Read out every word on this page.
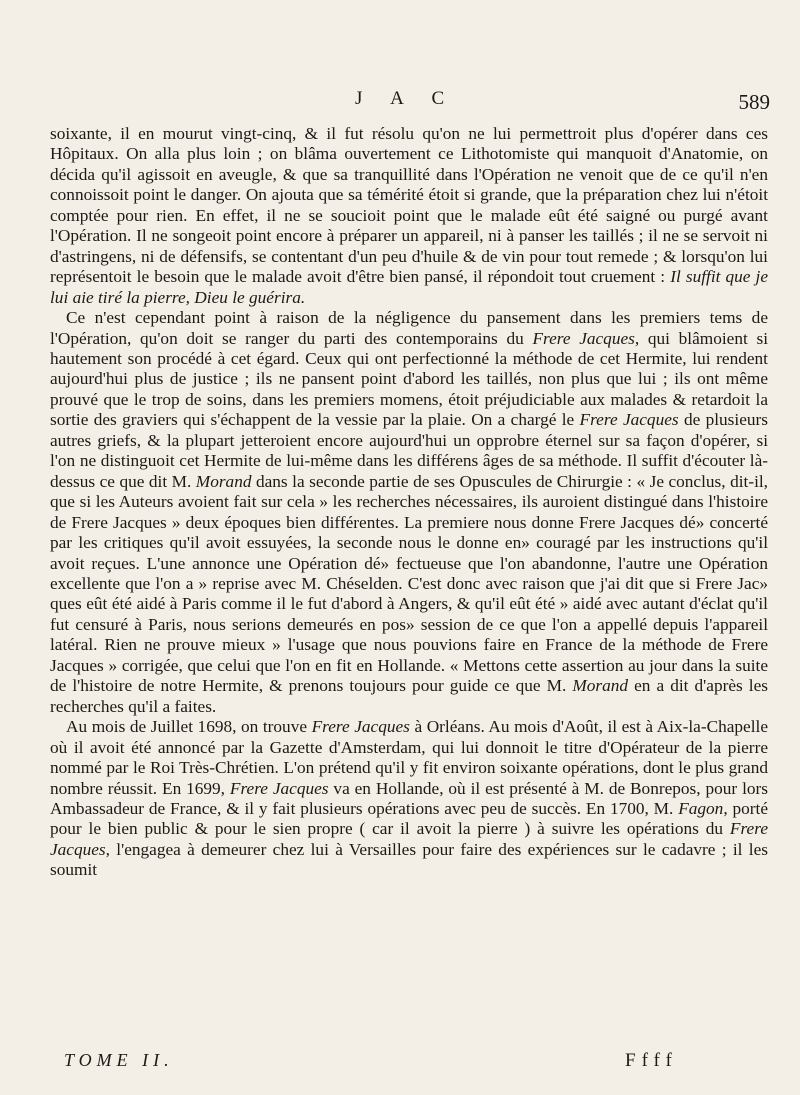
J A C	589

soixante, il en mourut vingt-cinq, & il fut résolu qu'on ne lui permettroit plus d'opérer dans ces Hôpitaux. On alla plus loin ; on blâma ouvertement ce Lithotomiste qui manquoit d'Anatomie, on décida qu'il agissoit en aveugle, & que sa tranquillité dans l'Opération ne venoit que de ce qu'il n'en connoissoit point le danger. On ajouta que sa témérité étoit si grande, que la préparation chez lui n'étoit comptée pour rien. En effet, il ne se soucioit point que le malade eût été saigné ou purgé avant l'Opération. Il ne songeoit point encore à préparer un appareil, ni à panser les taillés ; il ne se servoit ni d'astringens, ni de défensifs, se contentant d'un peu d'huile & de vin pour tout remede ; & lorsqu'on lui représentoit le besoin que le malade avoit d'être bien pansé, il répondoit tout cruement : Il suffit que je lui aie tiré la pierre, Dieu le guérira.

Ce n'est cependant point à raison de la négligence du pansement dans les premiers tems de l'Opération, qu'on doit se ranger du parti des contemporains du Frere Jacques, qui blâmoient si hautement son procédé à cet égard. Ceux qui ont perfectionné la méthode de cet Hermite, lui rendent aujourd'hui plus de justice ; ils ne pansent point d'abord les taillés, non plus que lui ; ils ont même prouvé que le trop de soins, dans les premiers momens, étoit préjudiciable aux malades & retardoit la sortie des graviers qui s'échappent de la vessie par la plaie. On a chargé le Frere Jacques de plusieurs autres griefs, & la plupart jetteroient encore aujourd'hui un opprobre éternel sur sa façon d'opérer, si l'on ne distinguoit cet Hermite de lui-même dans les différens âges de sa méthode. Il suffit d'écouter là-dessus ce que dit M. Morand dans la seconde partie de ses Opuscules de Chirurgie : « Je conclus, dit-il, que si les Auteurs avoient fait sur cela » les recherches nécessaires, ils auroient distingué dans l'histoire de Frere Jacques » deux époques bien différentes. La premiere nous donne Frere Jacques dé» concerté par les critiques qu'il avoit essuyées, la seconde nous le donne en» couragé par les instructions qu'il avoit reçues. L'une annonce une Opération dé» fectueuse que l'on abandonne, l'autre une Opération excellente que l'on a » reprise avec M. Chéselden. C'est donc avec raison que j'ai dit que si Frere Jac» ques eût été aidé à Paris comme il le fut d'abord à Angers, & qu'il eût été » aidé avec autant d'éclat qu'il fut censuré à Paris, nous serions demeurés en pos» session de ce que l'on a appellé depuis l'appareil latéral. Rien ne prouve mieux » l'usage que nous pouvions faire en France de la méthode de Frere Jacques » corrigée, que celui que l'on en fit en Hollande. « Mettons cette assertion au jour dans la suite de l'histoire de notre Hermite, & prenons toujours pour guide ce que M. Morand en a dit d'après les recherches qu'il a faites.

Au mois de Juillet 1698, on trouve Frere Jacques à Orléans. Au mois d'Août, il est à Aix-la-Chapelle où il avoit été annoncé par la Gazette d'Amsterdam, qui lui donnoit le titre d'Opérateur de la pierre nommé par le Roi Très-Chrétien. L'on prétend qu'il y fit environ soixante opérations, dont le plus grand nombre réussit. En 1699, Frere Jacques va en Hollande, où il est présenté à M. de Bonrepos, pour lors Ambassadeur de France, & il y fait plusieurs opérations avec peu de succès. En 1700, M. Fagon, porté pour le bien public & pour le sien propre ( car il avoit la pierre ) à suivre les opérations du Frere Jacques, l'engagea à demeurer chez lui à Versailles pour faire des expériences sur le cadavre ; il les soumit

TOME II.	Ffff
